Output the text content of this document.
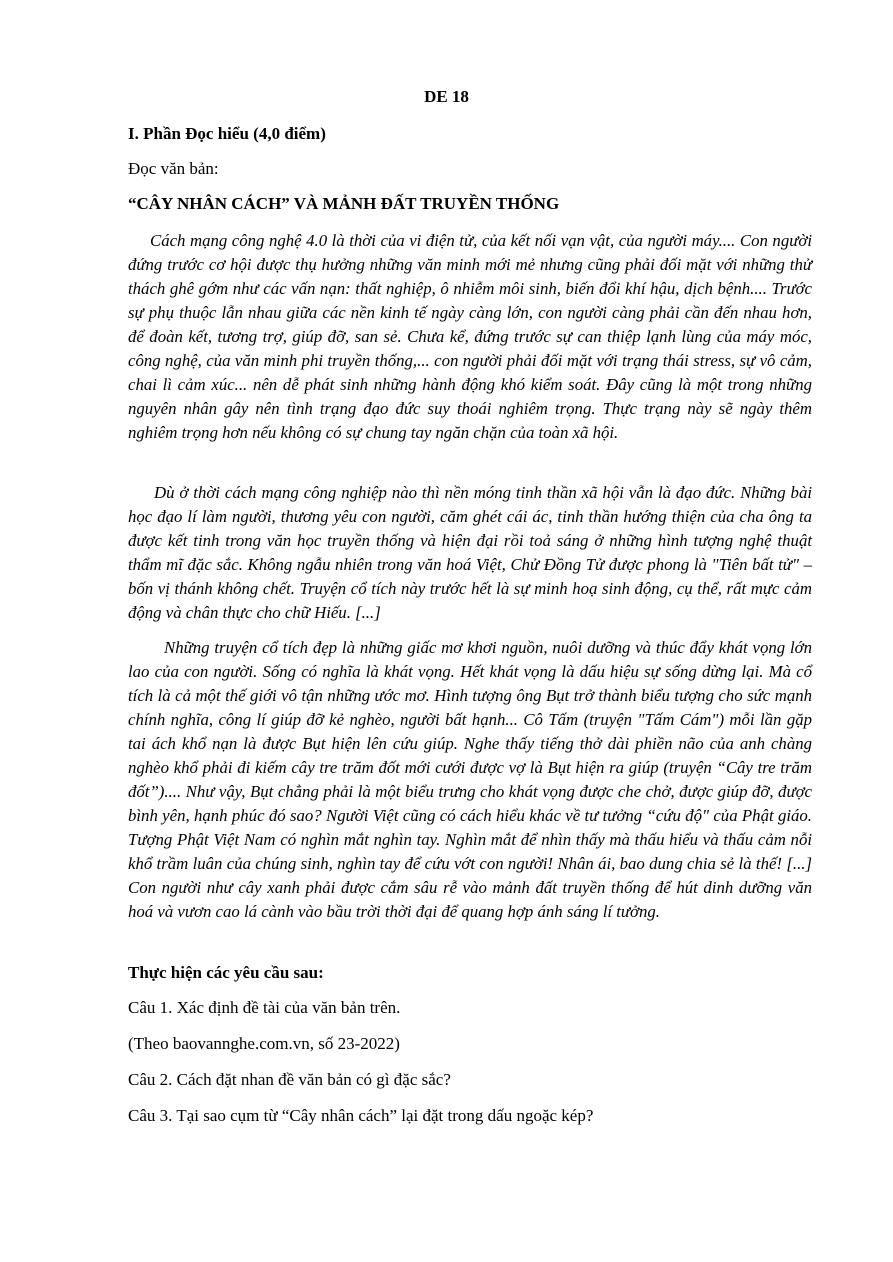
DE 18
I. Phần Đọc hiểu (4,0 điểm)
Đọc văn bản:
“CÂY NHÂN CÁCH” VÀ MẢNH ĐẤT TRUYỀN THỐNG

Cách mạng công nghệ 4.0 là thời của vi điện tử, của kết nối vạn vật, của người máy.... Con người đứng trước cơ hội được thụ hưởng những văn minh mới mẻ nhưng cũng phải đối mặt với những thử thách ghê gớm như các vấn nạn: thất nghiệp, ô nhiễm môi sinh, biến đổi khí hậu, dịch bệnh.... Trước sự phụ thuộc lẫn nhau giữa các nền kinh tế ngày càng lớn, con người càng phải cần đến nhau hơn, để đoàn kết, tương trợ, giúp đỡ, san sẻ. Chưa kể, đứng trước sự can thiệp lạnh lùng của máy móc, công nghệ, của văn minh phi truyền thống,... con người phải đối mặt với trạng thái stress, sự vô cảm, chai lì cảm xúc... nên dễ phát sinh những hành động khó kiểm soát. Đây cũng là một trong những nguyên nhân gây nên tình trạng đạo đức suy thoái nghiêm trọng. Thực trạng này sẽ ngày thêm nghiêm trọng hơn nếu không có sự chung tay ngăn chặn của toàn xã hội.

Dù ở thời cách mạng công nghiệp nào thì nền móng tinh thần xã hội vẫn là đạo đức. Những bài học đạo lí làm người, thương yêu con người, căm ghét cái ác, tinh thần hướng thiện của cha ông ta được kết tinh trong văn học truyền thống và hiện đại rồi toả sáng ở những hình tượng nghệ thuật thẩm mĩ đặc sắc. Không ngẫu nhiên trong văn hoá Việt, Chử Đồng Tử được phong là "Tiên bất tử" – bốn vị thánh không chết. Truyện cổ tích này trước hết là sự minh hoạ sinh động, cụ thể, rất mực cảm động và chân thực cho chữ Hiếu. [...]

Những truyện cổ tích đẹp là những giấc mơ khơi nguồn, nuôi dưỡng và thúc đẩy khát vọng lớn lao của con người. Sống có nghĩa là khát vọng. Hết khát vọng là dấu hiệu sự sống dừng lại. Mà cổ tích là cả một thế giới vô tận những ước mơ. Hình tượng ông Bụt trở thành biểu tượng cho sức mạnh chính nghĩa, công lí giúp đỡ kẻ nghèo, người bất hạnh... Cô Tấm (truyện "Tấm Cám") mỗi lần gặp tai ách khổ nạn là được Bụt hiện lên cứu giúp. Nghe thấy tiếng thở dài phiền não của anh chàng nghèo khổ phải đi kiếm cây tre trăm đốt mới cưới được vợ là Bụt hiện ra giúp (truyện “Cây tre trăm đốt”).... Như vậy, Bụt chẳng phải là một biểu trưng cho khát vọng được che chở, được giúp đỡ, được bình yên, hạnh phúc đó sao? Người Việt cũng có cách hiểu khác về tư tưởng “cứu độ" của Phật giáo. Tượng Phật Việt Nam có nghìn mắt nghìn tay. Nghìn mắt để nhìn thấy mà thấu hiểu và thấu cảm nỗi khổ trầm luân của chúng sinh, nghìn tay để cứu vớt con người! Nhân ái, bao dung chia sẻ là thế! [...] Con người như cây xanh phải được cắm sâu rễ vào mảnh đất truyền thống để hút dinh dưỡng văn hoá và vươn cao lá cành vào bầu trời thời đại để quang hợp ánh sáng lí tưởng.

Thực hiện các yêu cầu sau:
Câu 1. Xác định đề tài của văn bản trên.
(Theo baovannghe.com.vn, số 23-2022)
Câu 2. Cách đặt nhan đề văn bản có gì đặc sắc?
Câu 3. Tại sao cụm từ “Cây nhân cách” lại đặt trong dấu ngoặc kép?
